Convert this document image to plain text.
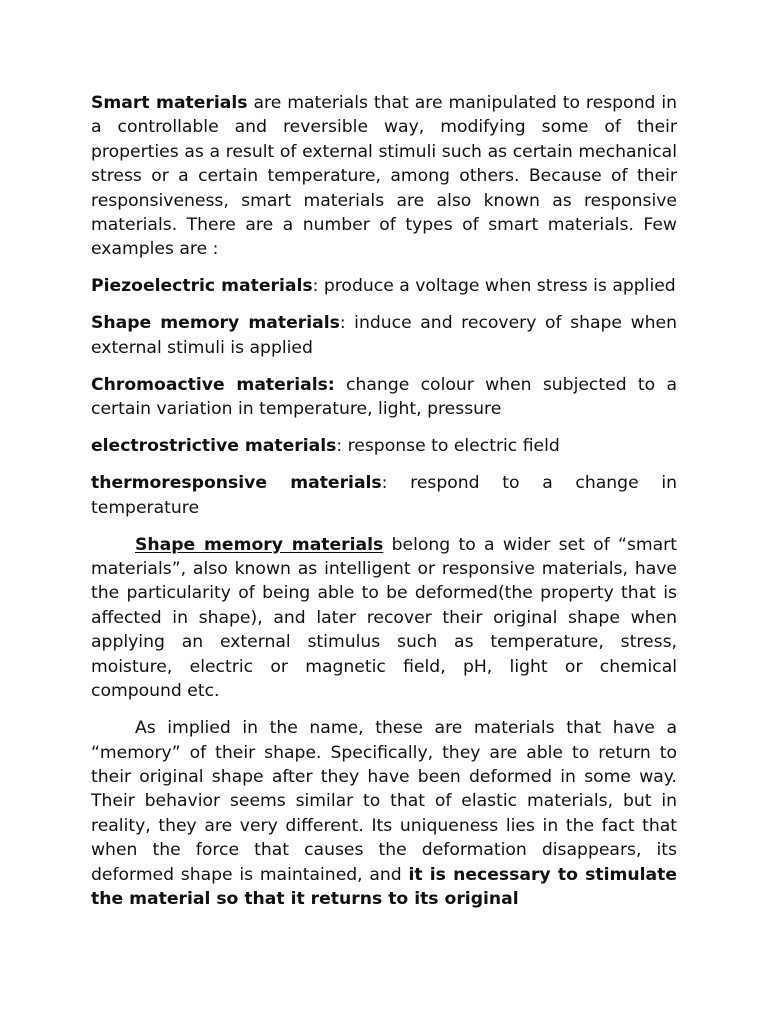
Smart materials are materials that are manipulated to respond in a controllable and reversible way, modifying some of their properties as a result of external stimuli such as certain mechanical stress or a certain temperature, among others. Because of their responsiveness, smart materials are also known as responsive materials. There are a number of types of smart materials. Few examples are :

Piezoelectric materials: produce a voltage when stress is applied

Shape memory materials: induce and recovery of shape when external stimuli is applied

Chromoactive materials: change colour when subjected to a certain variation in temperature, light, pressure

electrostrictive materials: response to electric field

thermoresponsive materials: respond to a change in temperature

Shape memory materials belong to a wider set of “smart materials”, also known as intelligent or responsive materials, have the particularity of being able to be deformed(the property that is affected in shape), and later recover their original shape when applying an external stimulus such as temperature, stress, moisture, electric or magnetic field, pH, light or chemical compound etc.

As implied in the name, these are materials that have a “memory” of their shape. Specifically, they are able to return to their original shape after they have been deformed in some way. Their behavior seems similar to that of elastic materials, but in reality, they are very different. Its uniqueness lies in the fact that when the force that causes the deformation disappears, its deformed shape is maintained, and it is necessary to stimulate the material so that it returns to its original
